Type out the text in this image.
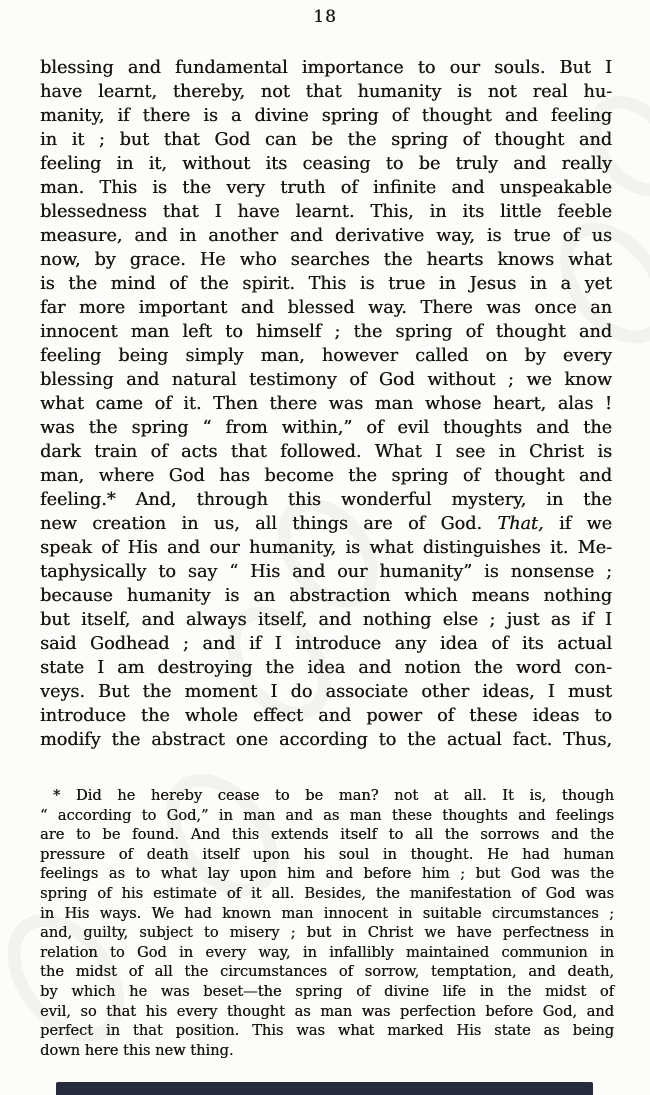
18
blessing and fundamental importance to our souls. But I
have learnt, thereby, not that humanity is not real hu-
manity, if there is a divine spring of thought and feeling
in it ; but that God can be the spring of thought and
feeling in it, without its ceasing to be truly and really
man. This is the very truth of infinite and unspeakable
blessedness that I have learnt. This, in its little feeble
measure, and in another and derivative way, is true of us
now, by grace. He who searches the hearts knows what
is the mind of the spirit. This is true in Jesus in a yet
far more important and blessed way. There was once an
innocent man left to himself ; the spring of thought and
feeling being simply man, however called on by every
blessing and natural testimony of God without ; we know
what came of it. Then there was man whose heart, alas !
was the spring “ from within,” of evil thoughts and the
dark train of acts that followed. What I see in Christ is
man, where God has become the spring of thought and
feeling.* And, through this wonderful mystery, in the
new creation in us, all things are of God. That, if we
speak of His and our humanity, is what distinguishes it. Me-
taphysically to say “ His and our humanity” is nonsense ;
because humanity is an abstraction which means nothing
but itself, and always itself, and nothing else ; just as if I
said Godhead ; and if I introduce any idea of its actual
state I am destroying the idea and notion the word con-
veys. But the moment I do associate other ideas, I must
introduce the whole effect and power of these ideas to
modify the abstract one according to the actual fact. Thus,
* Did he hereby cease to be man? not at all. It is, though
“ according to God,” in man and as man these thoughts and feelings
are to be found. And this extends itself to all the sorrows and the
pressure of death itself upon his soul in thought. He had human
feelings as to what lay upon him and before him ; but God was the
spring of his estimate of it all. Besides, the manifestation of God was
in His ways. We had known man innocent in suitable circumstances ;
and, guilty, subject to misery ; but in Christ we have perfectness in
relation to God in every way, in infallibly maintained communion in
the midst of all the circumstances of sorrow, temptation, and death,
by which he was beset—the spring of divine life in the midst of
evil, so that his every thought as man was perfection before God, and
perfect in that position. This was what marked His state as being
down here this new thing.
